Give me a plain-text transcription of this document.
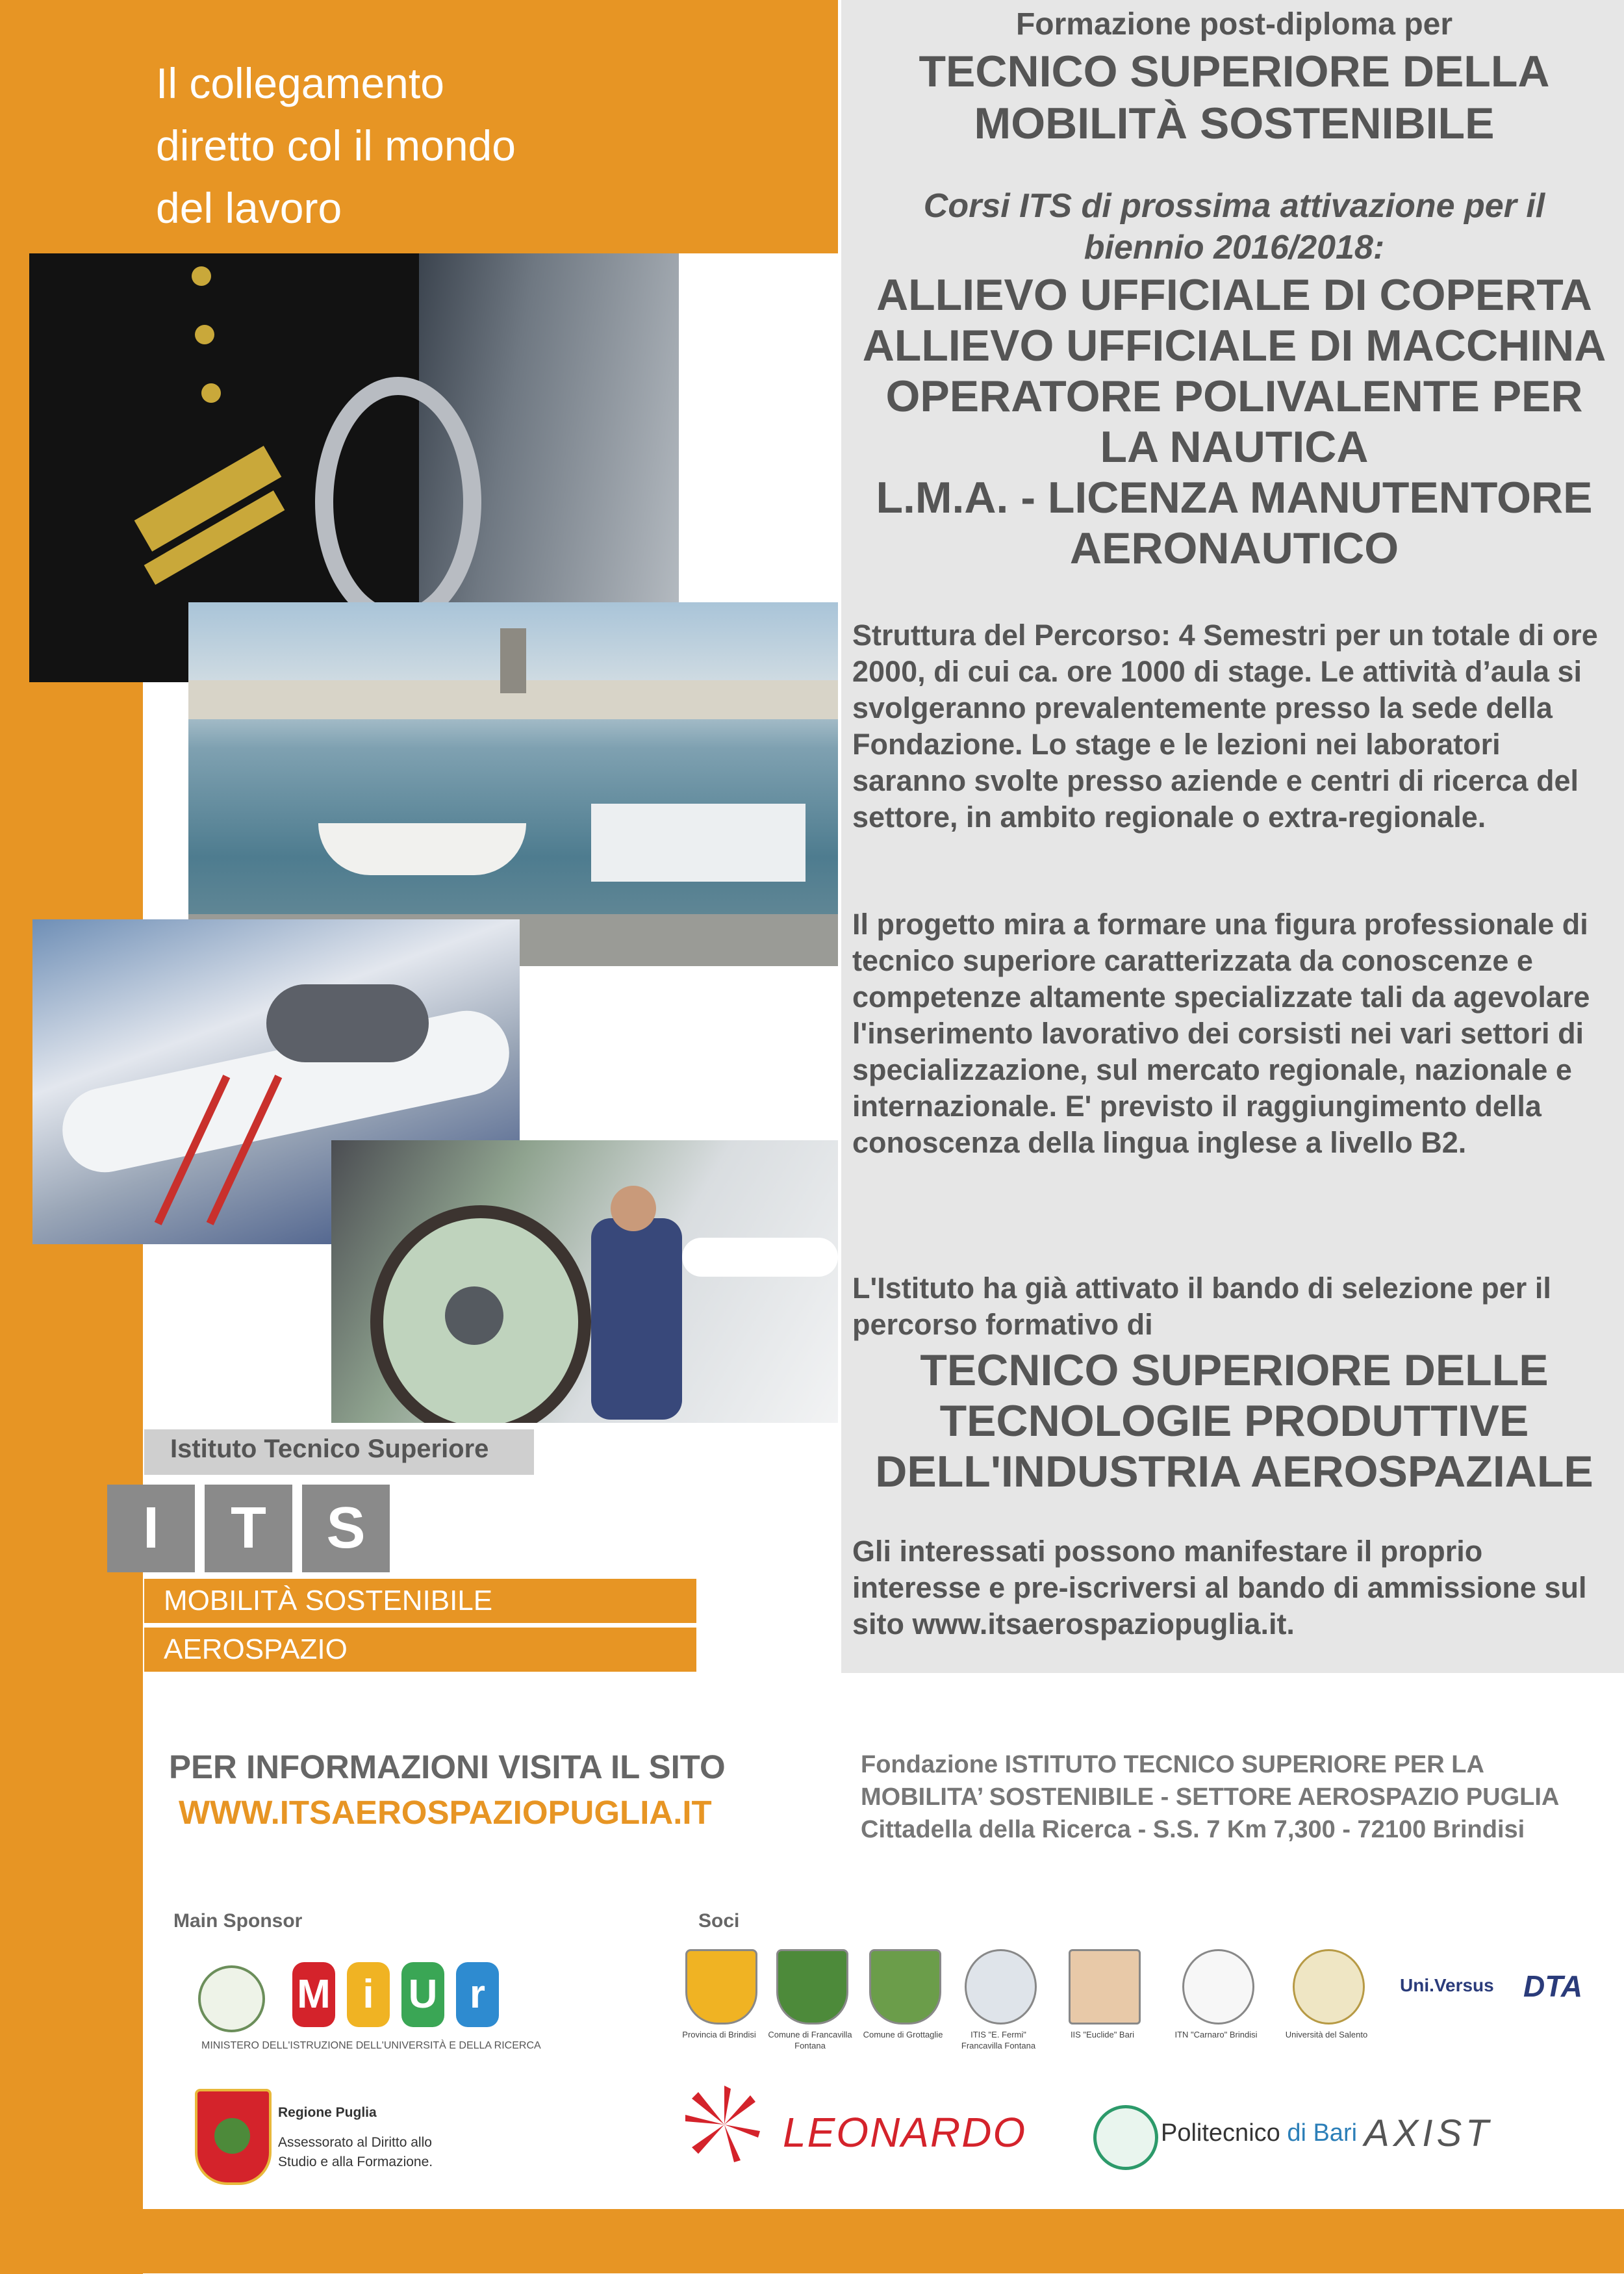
Il collegamento
diretto col il mondo
del lavoro
Istituto Tecnico Superiore
I	T	S
MOBILITÀ SOSTENIBILE
AEROSPAZIO
Formazione post-diploma per
TECNICO SUPERIORE DELLA
MOBILITÀ SOSTENIBILE
Corsi ITS di prossima attivazione per il
biennio 2016/2018:
ALLIEVO UFFICIALE DI COPERTA
ALLIEVO UFFICIALE DI MACCHINA
OPERATORE POLIVALENTE PER
LA NAUTICA
L.M.A. - LICENZA MANUTENTORE
AERONAUTICO
Struttura del Percorso: 4 Semestri per un totale di ore 2000, di cui ca. ore 1000 di stage. Le attività d’aula si svolgeranno prevalentemente presso la sede della Fondazione. Lo stage e le lezioni nei laboratori saranno svolte presso aziende e centri di ricerca del settore, in ambito regionale o extra-regionale.
Il progetto mira a formare una figura professionale di tecnico superiore caratterizzata da conoscenze e competenze altamente specializzate tali da agevolare l'inserimento lavorativo dei corsisti nei vari settori di specializzazione, sul mercato regionale, nazionale e internazionale. E' previsto il raggiungimento della conoscenza della lingua inglese a livello B2.
L'Istituto ha già attivato il bando di selezione per il percorso formativo di
TECNICO SUPERIORE DELLE
TECNOLOGIE PRODUTTIVE
DELL'INDUSTRIA AEROSPAZIALE
Gli interessati possono manifestare il proprio interesse e pre-iscriversi al bando di ammissione sul sito www.itsaerospaziopuglia.it.
PER INFORMAZIONI VISITA IL SITO
WWW.ITSAEROSPAZIOPUGLIA.IT
Fondazione ISTITUTO TECNICO SUPERIORE PER LA
MOBILITA’ SOSTENIBILE - SETTORE AEROSPAZIO PUGLIA
Cittadella della Ricerca - S.S. 7 Km 7,300 - 72100 Brindisi
Main Sponsor	Soci
M i U r
MINISTERO DELL'ISTRUZIONE DELL'UNIVERSITÀ E DELLA RICERCA
Regione Puglia
Assessorato al Diritto allo Studio e alla Formazione.
Provincia di Brindisi	Comune di Francavilla Fontana
Comune di Grottaglie	ITIS "E. Fermi" Francavilla Fontana
IIS "Euclide" Bari	ITN "Carnaro" Brindisi	Università del Salento
Uni.Versus DTA
LEONARDO	Politecnico di Bari AXIST
